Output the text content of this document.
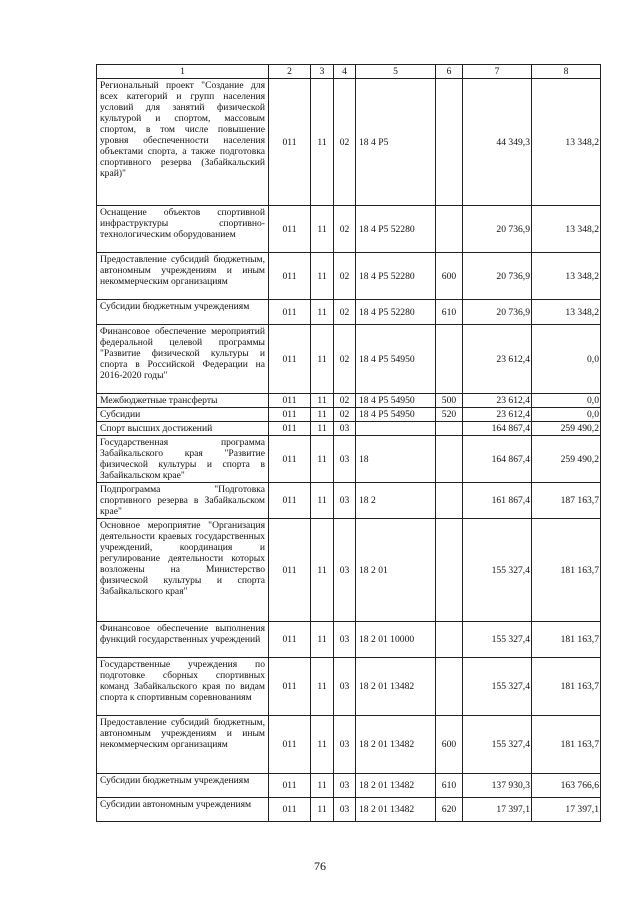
1	2	3	4	5	6	7	8
Региональный проект "Создание для всех категорий и групп населения условий для занятий физической культурой и спортом, массовым спортом, в том числе повышение уровня обеспеченности населения объектами спорта, а также подготовка спортивного резерва (Забайкальский край)"	011	11	02	18 4 P5		44 349,3	13 348,2
Оснащение объектов спортивной инфраструктуры спортивно-технологическим оборудованием	011	11	02	18 4 P5 52280		20 736,9	13 348,2
Предоставление субсидий бюджетным, автономным учреждениям и иным некоммерческим организациям	011	11	02	18 4 P5 52280	600	20 736,9	13 348,2
Субсидии бюджетным учреждениям	011	11	02	18 4 P5 52280	610	20 736,9	13 348,2
Финансовое обеспечение мероприятий федеральной целевой программы "Развитие физической культуры и спорта в Российской Федерации на 2016-2020 годы"	011	11	02	18 4 P5 54950		23 612,4	0,0
Межбюджетные трансферты	011	11	02	18 4 P5 54950	500	23 612,4	0,0
Субсидии	011	11	02	18 4 P5 54950	520	23 612,4	0,0
Спорт высших достижений	011	11	03			164 867,4	259 490,2
Государственная программа Забайкальского края "Развитие физической культуры и спорта в Забайкальском крае"	011	11	03	18		164 867,4	259 490,2
Подпрограмма "Подготовка спортивного резерва в Забайкальском крае"	011	11	03	18 2		161 867,4	187 163,7
Основное мероприятие "Организация деятельности краевых государственных учреждений, координация и регулирование деятельности которых возложены на Министерство физической культуры и спорта Забайкальского края"	011	11	03	18 2 01		155 327,4	181 163,7
Финансовое обеспечение выполнения функций государственных учреждений	011	11	03	18 2 01 10000		155 327,4	181 163,7
Государственные учреждения по подготовке сборных спортивных команд Забайкальского края по видам спорта к спортивным соревнованиям	011	11	03	18 2 01 13482		155 327,4	181 163,7
Предоставление субсидий бюджетным, автономным учреждениям и иным некоммерческим организациям	011	11	03	18 2 01 13482	600	155 327,4	181 163,7
Субсидии бюджетным учреждениям	011	11	03	18 2 01 13482	610	137 930,3	163 766,6
Субсидии автономным учреждениям	011	11	03	18 2 01 13482	620	17 397,1	17 397,1
76
